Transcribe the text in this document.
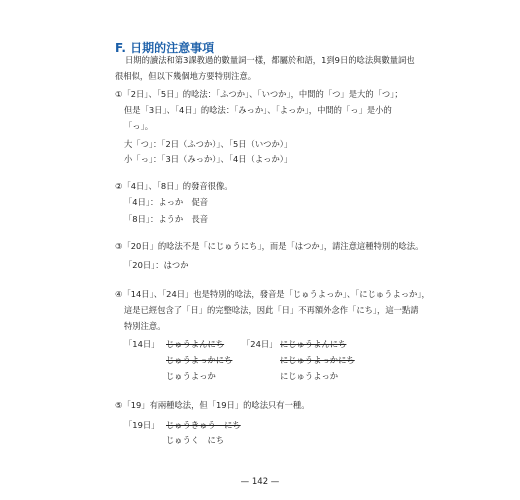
F. 日期的注意事項
日期的讀法和第3課教過的數量詞一樣，都屬於和語，1到9日的唸法與數量詞也
很相似，但以下幾個地方要特別注意。
①「2日」、「5日」的唸法：「ふつか」、「いつか」，中間的「つ」是大的「つ」；
但是「3日」、「4日」的唸法：「みっか」、「よっか」，中間的「っ」是小的
「っ」。
大「つ」：「2日（ふつか）」、「5日（いつか）」
小「っ」：「3日（みっか）」、「4日（よっか）」
②「4日」、「8日」的發音很像。
「4日」：よっか　促音
「8日」：ようか　長音
③「20日」的唸法不是「にじゅうにち」，而是「はつか」，請注意這種特別的唸法。
「20日」：はつか
④「14日」、「24日」也是特別的唸法，發音是「じゅうよっか」、「にじゅうよっか」，
這是已經包含了「日」的完整唸法，因此「日」不再額外念作「にち」，這一點請
特別注意。
「14日」 じゅうよんにち
じゅうよっかにち
じゅうよっか
「24日」 にじゅうよんにち
にじゅうよっかにち
にじゅうよっか
⑤「19」有兩種唸法，但「19日」的唸法只有一種。
「19日」 じゅうきゅう　にち
じゅうく　にち
— 142 —
